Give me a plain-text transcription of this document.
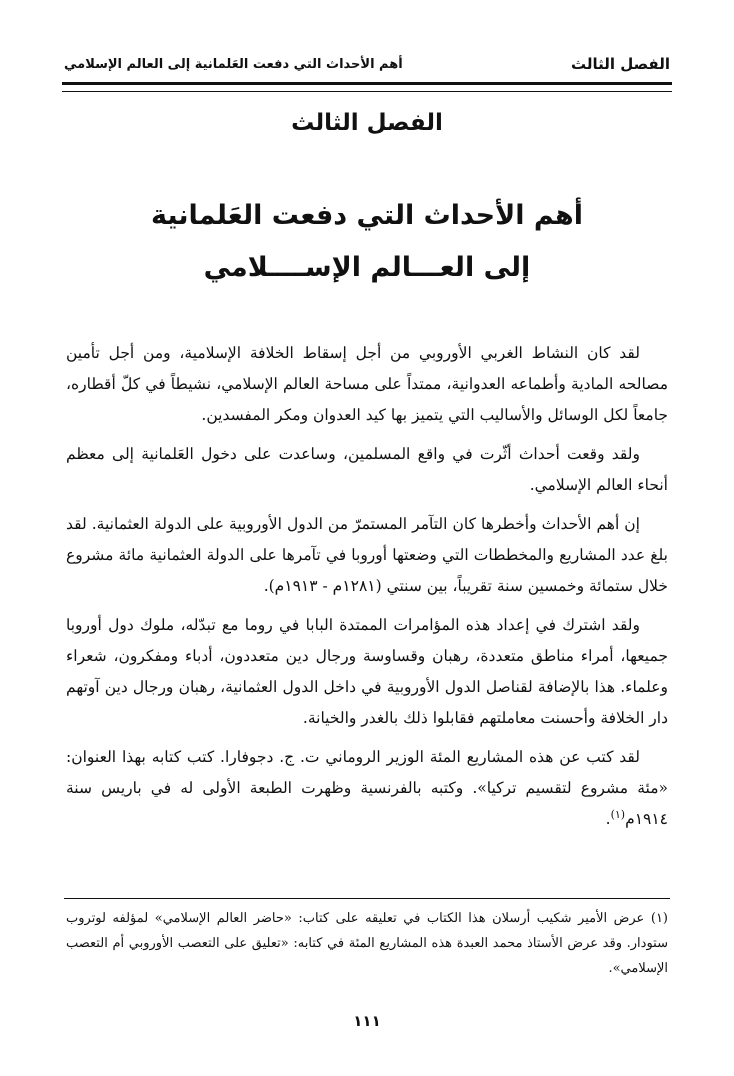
الفصل الثالث
أهم الأحداث التي دفعت العَلمانية إلى العالم الإسلامي
الفصل الثالث
أهم الأحداث التي دفعت العَلمانية
إلى العـــالم الإســــلامي

لقد كان النشاط الغربي الأوروبي من أجل إسقاط الخلافة الإسلامية، ومن أجل تأمين مصالحه المادية وأطماعه العدوانية، ممتداً على مساحة العالم الإسلامي، نشيطاً في كلّ أقطاره، جامعاً لكل الوسائل والأساليب التي يتميز بها كيد العدوان ومكر المفسدين.

ولقد وقعت أحداث أثّرت في واقع المسلمين، وساعدت على دخول العَلمانية إلى معظم أنحاء العالم الإسلامي.

إن أهم الأحداث وأخطرها كان التآمر المستمرّ من الدول الأوروبية على الدولة العثمانية. لقد بلغ عدد المشاريع والمخططات التي وضعتها أوروبا في تآمرها على الدولة العثمانية مائة مشروع خلال ستمائة وخمسين سنة تقريباً، بين سنتي (١٢٨١م - ١٩١٣م).

ولقد اشترك في إعداد هذه المؤامرات الممتدة البابا في روما مع تبدّله، ملوك دول أوروبا جميعها، أمراء مناطق متعددة، رهبان وقساوسة ورجال دين متعددون، أدباء ومفكرون، شعراء وعلماء. هذا بالإضافة لقناصل الدول الأوروبية في داخل الدول العثمانية، رهبان ورجال دين آوتهم دار الخلافة وأحسنت معاملتهم فقابلوا ذلك بالغدر والخيانة.

لقد كتب عن هذه المشاريع المئة الوزير الروماني ت. ج. دجوفارا. كتب كتابه بهذا العنوان: «مئة مشروع لتقسيم تركيا». وكتبه بالفرنسية وظهرت الطبعة الأولى له في باريس سنة ١٩١٤م$^{(١)}$.

(١) عرض الأمير شكيب أرسلان هذا الكتاب في تعليقه على كتاب: «حاضر العالم الإسلامي» لمؤلفه لوتروب ستودار. وقد عرض الأستاذ محمد العبدة هذه المشاريع المئة في كتابه: «تعليق على التعصب الأوروبي أم التعصب الإسلامي».

١١١
